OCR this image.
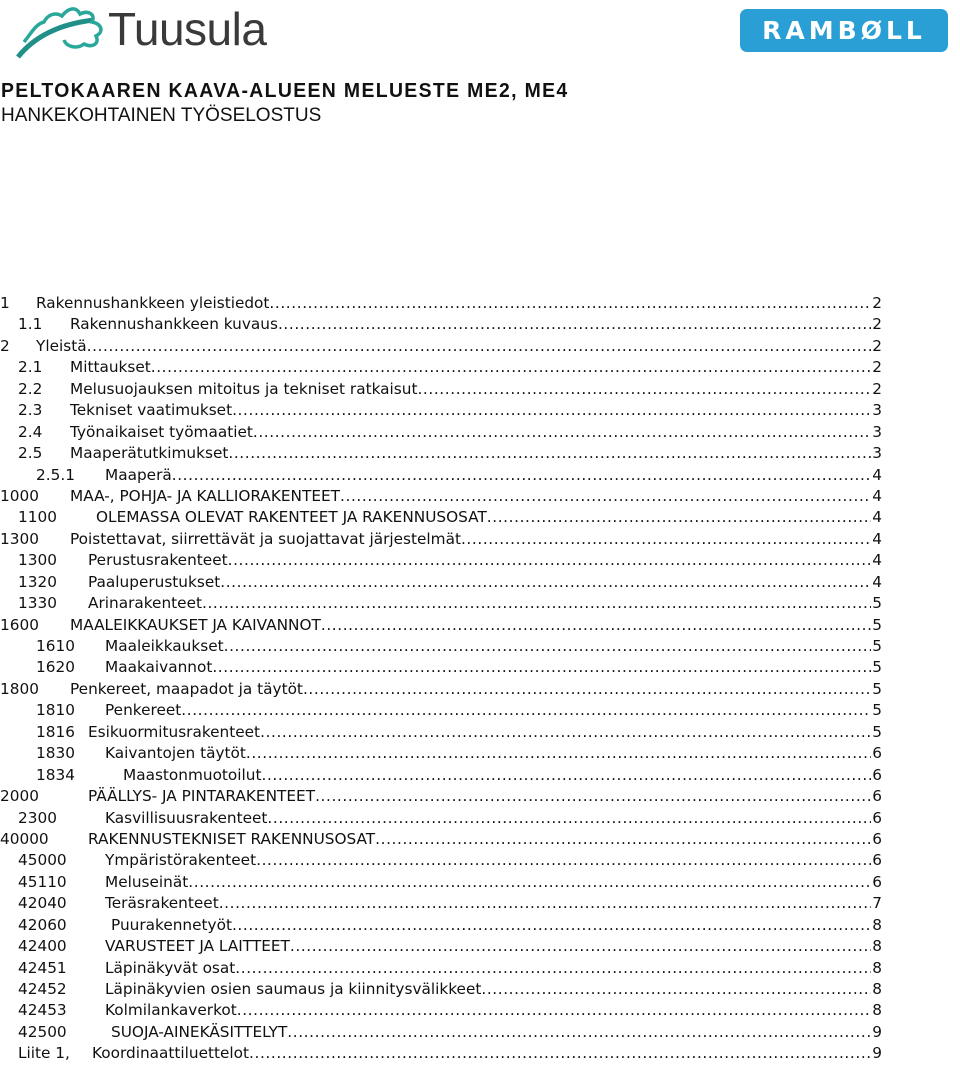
Tuusula	RAMBØLL
PELTOKAAREN KAAVA-ALUEEN MELUESTE ME2, ME4
HANKEKOHTAINEN TYÖSELOSTUS
1 Rakennushankkeen yleistiedot .....	2
1.1 Rakennushankkeen kuvaus .....	2
2 Yleistä .....	2
2.1 Mittaukset .....	2
2.2 Melusuojauksen mitoitus ja tekniset ratkaisut .....	2
2.3 Tekniset vaatimukset .....	3
2.4 Työnaikaiset työmaatiet .....	3
2.5 Maaperätutkimukset .....	3
2.5.1 Maaperä .....	4
1000 MAA-, POHJA- JA KALLIORAKENTEET .....	4
1100	OLEMASSA OLEVAT RAKENTEET JA RAKENNUSOSAT .....	4
1300 Poistettavat, siirrettävät ja suojattavat järjestelmät .....	4
1300 Perustusrakenteet .....	4
1320 Paaluperustukset .....	4
1330 Arinarakenteet .....	5
1600 MAALEIKKAUKSET JA KAIVANNOT .....	5
1610 Maaleikkaukset .....	5
1620 Maakaivannot .....	5
1800 Penkereet, maapadot ja täytöt .....	5
1810 Penkereet .....	5
1816 Esikuormitusrakenteet .....	5
1830 Kaivantojen täytöt .....	6
1834	Maastonmuotoilut .....	6
2000	PÄÄLLYS- JA PINTARAKENTEET .....	6
2300	Kasvillisuusrakenteet .....	6
40000	RAKENNUSTEKNISET RAKENNUSOSAT .....	6
45000	Ympäristörakenteet .....	6
45110	Meluseinät .....	6
42040	Teräsrakenteet .....	7
42060	Puurakennetyöt .....	8
42400	VARUSTEET JA LAITTEET .....	8
42451	Läpinäkyvät osat .....	8
42452	Läpinäkyvien osien saumaus ja kiinnitysvälikkeet .....	8
42453	Kolmilankaverkot .....	8
42500	SUOJA-AINEKÄSITTELYT .....	9
Liite 1, Koordinaattiluettelot .....	9
